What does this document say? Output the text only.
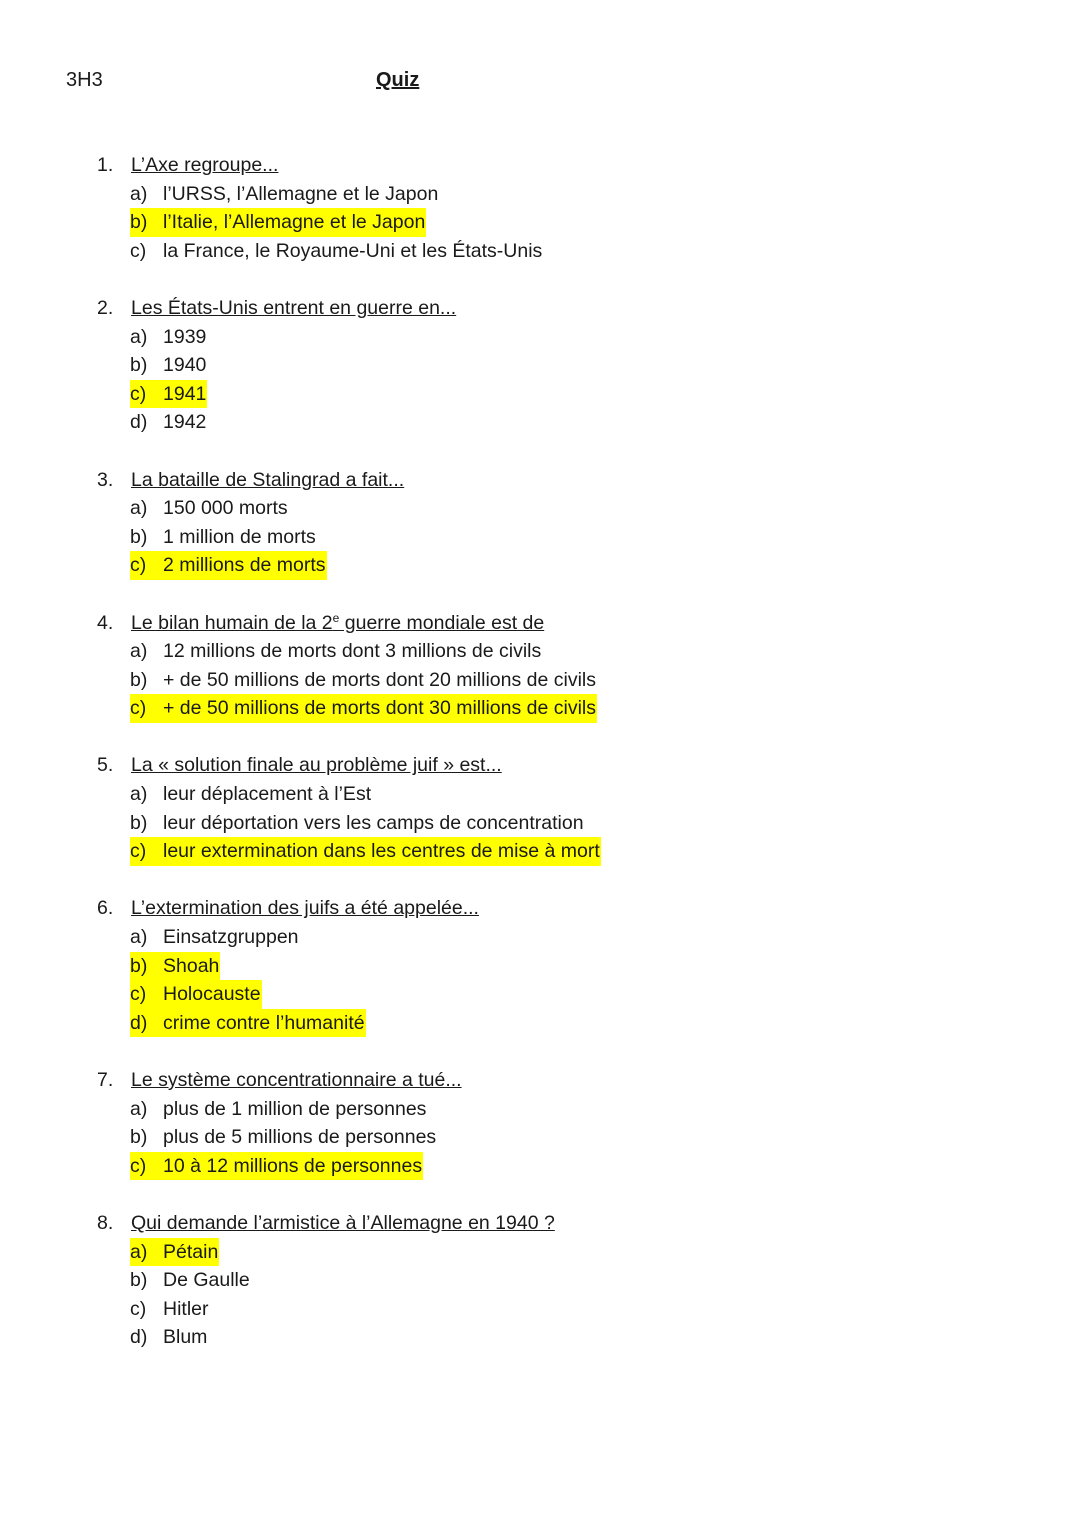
3H3	Quiz
1. L’Axe regroupe...
a) l’URSS, l’Allemagne et le Japon
b) l’Italie, l’Allemagne et le Japon
c) la France, le Royaume-Uni et les États-Unis
2. Les États-Unis entrent en guerre en...
a) 1939
b) 1940
c) 1941
d) 1942
3. La bataille de Stalingrad a fait...
a) 150 000 morts
b) 1 million de morts
c) 2 millions de morts
4. Le bilan humain de la 2e guerre mondiale est de
a) 12 millions de morts dont 3 millions de civils
b) + de 50 millions de morts dont 20 millions de civils
c) + de 50 millions de morts dont 30 millions de civils
5. La « solution finale au problème juif » est...
a) leur déplacement à l’Est
b) leur déportation vers les camps de concentration
c) leur extermination dans les centres de mise à mort
6. L’extermination des juifs a été appelée...
a) Einsatzgruppen
b) Shoah
c) Holocauste
d) crime contre l’humanité
7. Le système concentrationnaire a tué...
a) plus de 1 million de personnes
b) plus de 5 millions de personnes
c) 10 à 12 millions de personnes
8. Qui demande l’armistice à l’Allemagne en 1940 ?
a) Pétain
b) De Gaulle
c) Hitler
d) Blum
